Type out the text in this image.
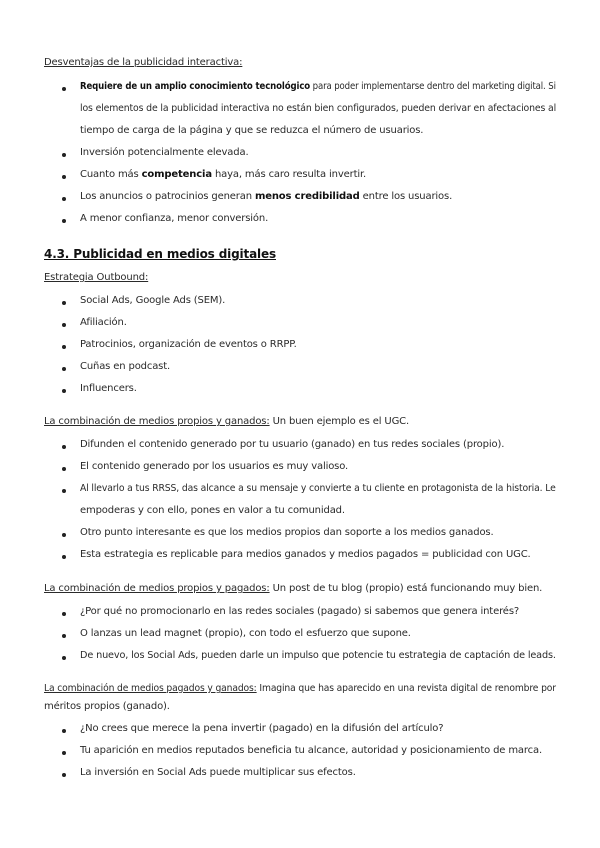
Desventajas de la publicidad interactiva:
Requiere de un amplio conocimiento tecnológico para poder implementarse dentro del marketing digital. Si
los elementos de la publicidad interactiva no están bien configurados, pueden derivar en afectaciones al
tiempo de carga de la página y que se reduzca el número de usuarios.
Inversión potencialmente elevada.
Cuanto más competencia haya, más caro resulta invertir.
Los anuncios o patrocinios generan menos credibilidad entre los usuarios.
A menor confianza, menor conversión.
4.3. Publicidad en medios digitales
Estrategia Outbound:
Social Ads, Google Ads (SEM).
Afiliación.
Patrocinios, organización de eventos o RRPP.
Cuñas en podcast.
Influencers.
La combinación de medios propios y ganados: Un buen ejemplo es el UGC.
Difunden el contenido generado por tu usuario (ganado) en tus redes sociales (propio).
El contenido generado por los usuarios es muy valioso.
Al llevarlo a tus RRSS, das alcance a su mensaje y convierte a tu cliente en protagonista de la historia. Le
empoderas y con ello, pones en valor a tu comunidad.
Otro punto interesante es que los medios propios dan soporte a los medios ganados.
Esta estrategia es replicable para medios ganados y medios pagados = publicidad con UGC.
La combinación de medios propios y pagados: Un post de tu blog (propio) está funcionando muy bien.
¿Por qué no promocionarlo en las redes sociales (pagado) si sabemos que genera interés?
O lanzas un lead magnet (propio), con todo el esfuerzo que supone.
De nuevo, los Social Ads, pueden darle un impulso que potencie tu estrategia de captación de leads.
La combinación de medios pagados y ganados: Imagina que has aparecido en una revista digital de renombre por
méritos propios (ganado).
¿No crees que merece la pena invertir (pagado) en la difusión del artículo?
Tu aparición en medios reputados beneficia tu alcance, autoridad y posicionamiento de marca.
La inversión en Social Ads puede multiplicar sus efectos.
